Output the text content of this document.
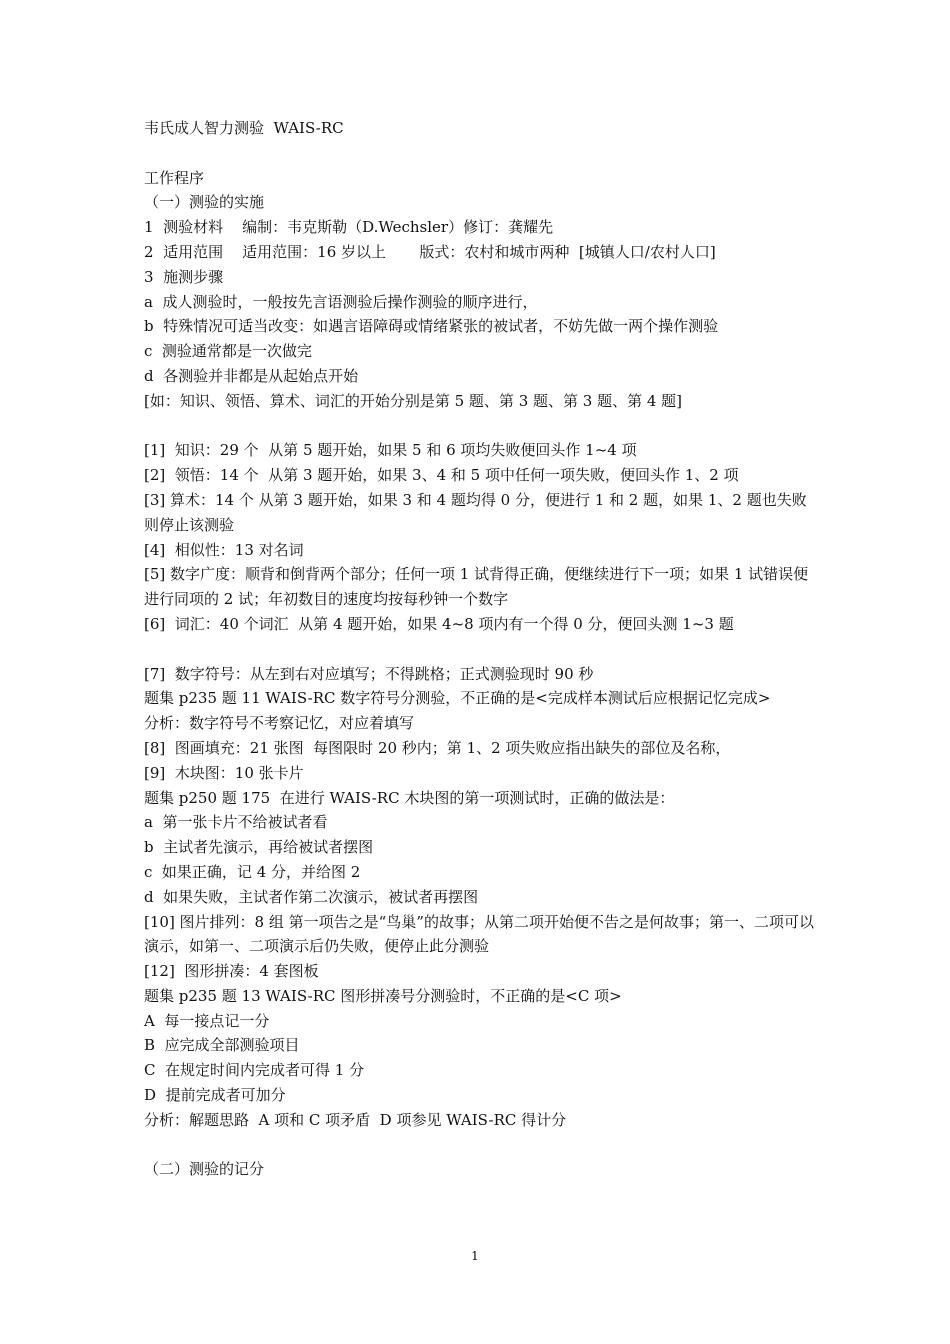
韦氏成人智力测验  WAIS-RC
工作程序
（一）测验的实施
1  测验材料    编制：韦克斯勒（D.Wechsler）修订：龚耀先
2  适用范围    适用范围：16 岁以上       版式：农村和城市两种  [城镇人口/农村人口]
3  施测步骤
a  成人测验时，一般按先言语测验后操作测验的顺序进行，
b  特殊情况可适当改变：如遇言语障碍或情绪紧张的被试者，不妨先做一两个操作测验
c  测验通常都是一次做完
d  各测验并非都是从起始点开始
[如：知识、领悟、算术、词汇的开始分别是第 5 题、第 3 题、第 3 题、第 4 题]
[1]  知识：29 个  从第 5 题开始，如果 5 和 6 项均失败便回头作 1~4 项
[2]  领悟：14 个  从第 3 题开始，如果 3、4 和 5 项中任何一项失败，便回头作 1、2 项
[3] 算术：14 个 从第 3 题开始，如果 3 和 4 题均得 0 分，便进行 1 和 2 题，如果 1、2 题也失败则停止该测验
[4]  相似性：13 对名词
[5] 数字广度：顺背和倒背两个部分；任何一项 1 试背得正确，便继续进行下一项；如果 1 试错误便进行同项的 2 试；年初数目的速度均按每秒钟一个数字
[6]  词汇：40 个词汇  从第 4 题开始，如果 4~8 项内有一个得 0 分，便回头测 1~3 题
[7]  数字符号：从左到右对应填写；不得跳格；正式测验现时 90 秒
题集 p235 题 11 WAIS-RC 数字符号分测验，不正确的是<完成样本测试后应根据记忆完成>
分析：数字符号不考察记忆，对应着填写
[8]  图画填充：21 张图  每图限时 20 秒内；第 1、2 项失败应指出缺失的部位及名称，
[9]  木块图：10 张卡片
题集 p250 题 175  在进行 WAIS-RC 木块图的第一项测试时，正确的做法是：
a  第一张卡片不给被试者看
b  主试者先演示，再给被试者摆图
c  如果正确，记 4 分，并给图 2
d  如果失败，主试者作第二次演示，被试者再摆图
[10] 图片排列：8 组 第一项告之是“鸟巢”的故事；从第二项开始便不告之是何故事；第一、二项可以演示，如第一、二项演示后仍失败，便停止此分测验
[12]  图形拼凑：4 套图板
题集 p235 题 13 WAIS-RC 图形拼凑号分测验时，不正确的是<C 项>
A  每一接点记一分
B  应完成全部测验项目
C  在规定时间内完成者可得 1 分
D  提前完成者可加分
分析：解题思路  A 项和 C 项矛盾  D 项参见 WAIS-RC 得计分
（二）测验的记分
1
